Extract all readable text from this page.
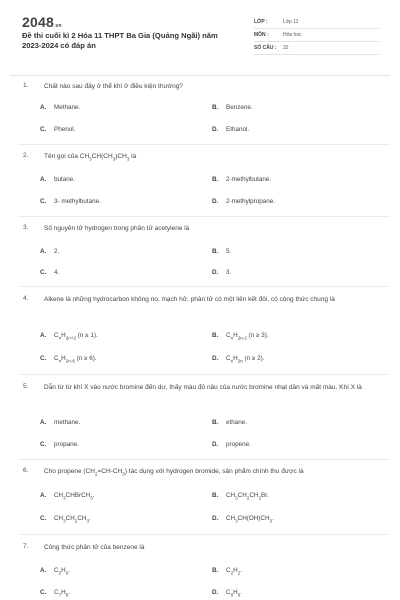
2048.vn
Đề thi cuối kì 2 Hóa 11 THPT Ba Gia (Quảng Ngãi) năm 2023-2024 có đáp án
LỚP :	Lớp 11
MÔN :	Hóa học
SỐ CÂU : 32
1. Chất nào sau đây ở thể khí ở điều kiện thường?
A. Methane.	B. Benzene.
C. Phenol.	D. Ethanol.
2. Tên gọi của $CH_3CH(CH_3)CH_3$ là
A. butane.	B. 2-methylbutane.
C. 3- methylbutane.	D. 2-methylpropane.
3. Số nguyên tử hydrogen trong phân tử acetylene là
A. 2.	B. 5.
C. 4.	D. 3.
4. Alkene là những hydrocarbon không no, mạch hở, phân tử có một liên kết đôi, có công thức chung là
A. $C_nH_{2n+2}$ (n ≥ 1).	B. $C_nH_{2n-2}$ (n ≥ 3).
C. $C_nH_{2n-6}$ (n ≥ 6).	D. $C_nH_{2n}$ (n ≥ 2).
5. Dẫn từ từ khí X vào nước bromine đến dư, thấy màu đỏ nâu của nước bromine nhạt dần và mất màu. Khí X là
A. methane.	B. ethane.
C. propane.	D. propene.
6. Cho propene $(CH_2=CH-CH_3)$ tác dụng với hydrogen bromide, sản phẩm chính thu được là
A. $CH_3CHBrCH_3$.	B. $CH_3CH_2CH_2Br$.
C. $CH_3CH_2CH_3$.	D. $CH_3CH(OH)CH_3$.
7. Công thức phân tử của benzene là
A. $C_2H_6$.	B. $C_2H_2$.
C. $C_7H_8$.	D. $C_6H_6$.
